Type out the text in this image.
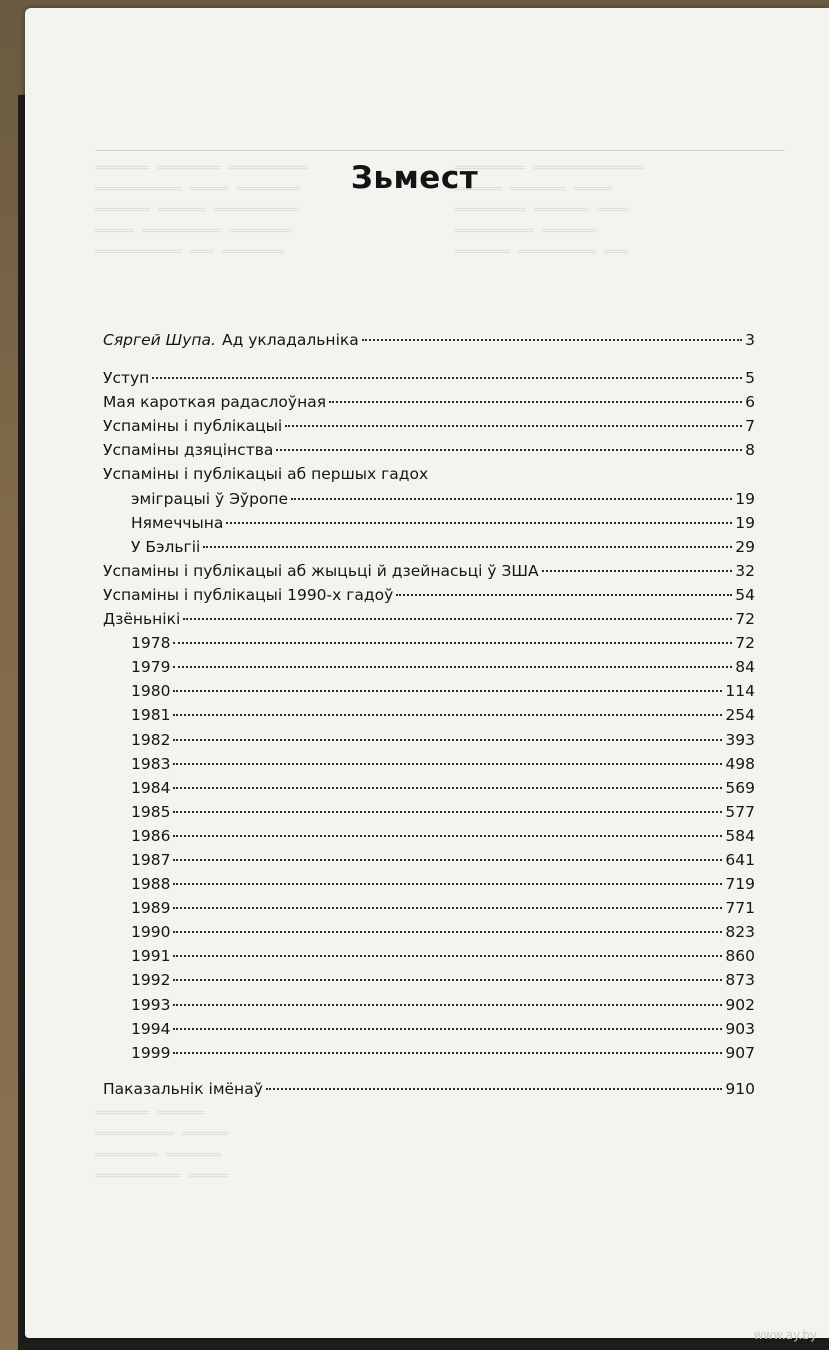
═══════  ════════  ══════════
═══════════  ═════  ════════
═══════  ══════  ═══════════
═════  ══════════  ════════
═══════════  ═══  ════════
═════════  ══════════════
══════  ═══════  ═════
═════════  ═══════  ════
══════════  ═══════
═══════  ══════════  ═══
═══════  ══════
══════════  ══════
════════  ═══════
═══════════  ═════
Зьмест
Сяргей Шупа. Ад укладальніка	3
Уступ	5
Мая кароткая радаслоўная	6
Успаміны і публікацыі	7
Успаміны дзяцінства	8
Успаміны і публікацыі аб першых гадох
эміграцыі ў Эўропе	19
Нямеччына	19
У Бэльгіі	29
Успаміны і публікацыі аб жыцьці й дзейнасьці ў ЗША	32
Успаміны і публікацыі 1990-х гадоў	54
Дзёньнікі	72
1978	72
1979	84
1980	114
1981	254
1982	393
1983	498
1984	569
1985	577
1986	584
1987	641
1988	719
1989	771
1990	823
1991	860
1992	873
1993	902
1994	903
1999	907
Паказальнік імёнаў	910
www.ay.by
